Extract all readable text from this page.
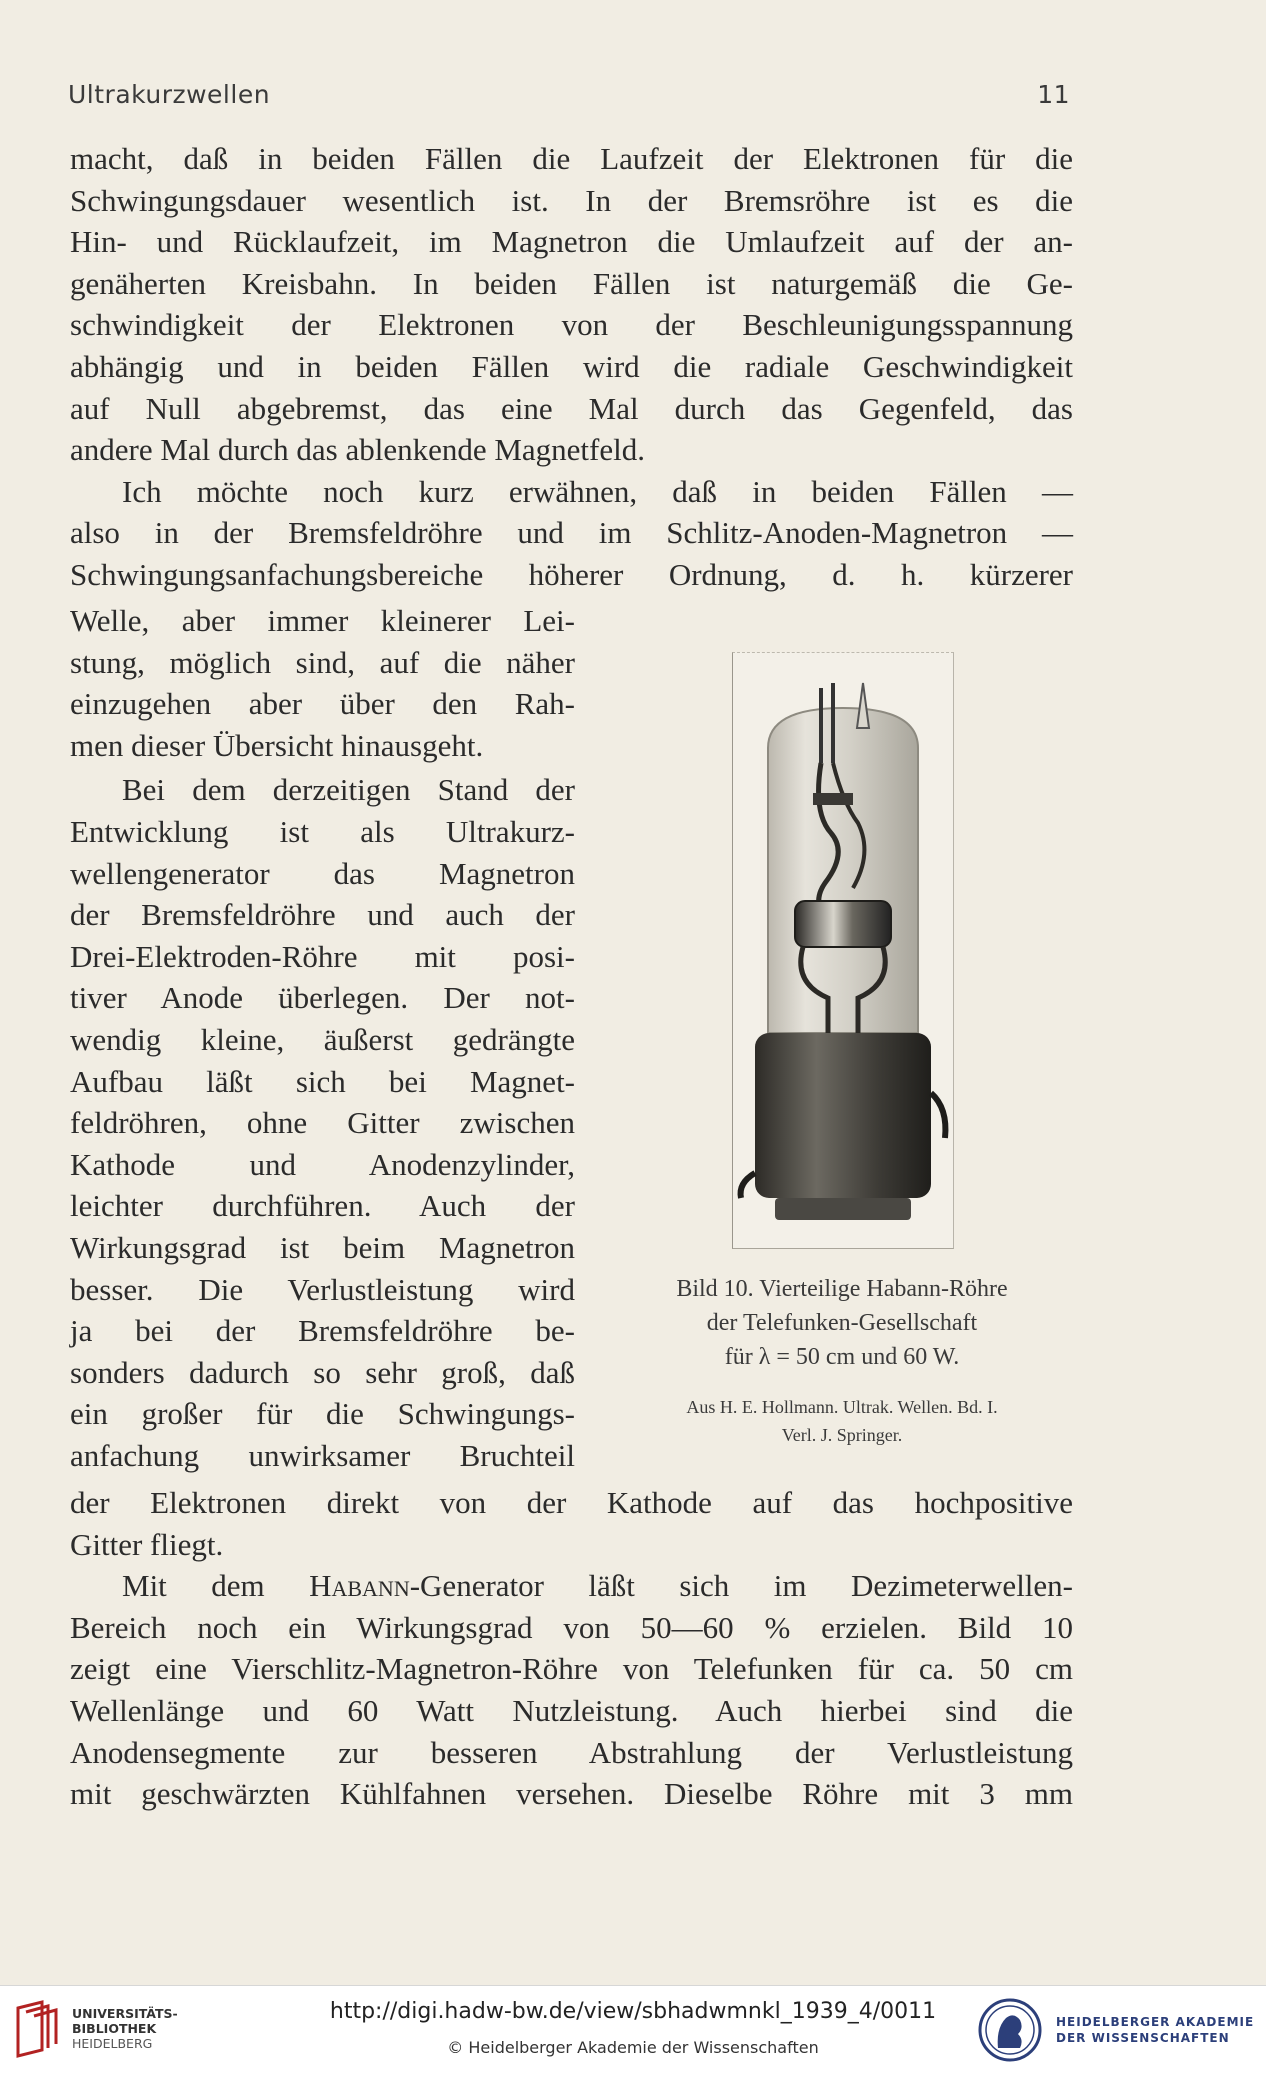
Ultrakurzwellen	11
macht, daß in beiden Fällen die Laufzeit der Elektronen für die
Schwingungsdauer wesentlich ist. In der Bremsröhre ist es die
Hin- und Rücklaufzeit, im Magnetron die Umlaufzeit auf der an-
genäherten Kreisbahn. In beiden Fällen ist naturgemäß die Ge-
schwindigkeit der Elektronen von der Beschleunigungsspannung
abhängig und in beiden Fällen wird die radiale Geschwindigkeit
auf Null abgebremst, das eine Mal durch das Gegenfeld, das
andere Mal durch das ablenkende Magnetfeld.
Ich möchte noch kurz erwähnen, daß in beiden Fällen —
also in der Bremsfeldröhre und im Schlitz-Anoden-Magnetron —
Schwingungsanfachungsbereiche höherer Ordnung, d. h. kürzerer
Welle, aber immer kleinerer Lei-
stung, möglich sind, auf die näher
einzugehen aber über den Rah-
men dieser Übersicht hinausgeht.
Bei dem derzeitigen Stand der
Entwicklung ist als Ultrakurz-
wellengenerator das Magnetron
der Bremsfeldröhre und auch der
Drei-Elektroden-Röhre mit posi-
tiver Anode überlegen. Der not-
wendig kleine, äußerst gedrängte
Aufbau läßt sich bei Magnet-
feldröhren, ohne Gitter zwischen
Kathode und Anodenzylinder,
leichter durchführen. Auch der
Wirkungsgrad ist beim Magnetron
besser. Die Verlustleistung wird
ja bei der Bremsfeldröhre be-
sonders dadurch so sehr groß, daß
ein großer für die Schwingungs-
anfachung unwirksamer Bruchteil
der Elektronen direkt von der Kathode auf das hochpositive
Gitter fliegt.
Mit dem Habann-Generator läßt sich im Dezimeterwellen-
Bereich noch ein Wirkungsgrad von 50—60 % erzielen. Bild 10
zeigt eine Vierschlitz-Magnetron-Röhre von Telefunken für ca. 50 cm
Wellenlänge und 60 Watt Nutzleistung. Auch hierbei sind die
Anodensegmente zur besseren Abstrahlung der Verlustleistung
mit geschwärzten Kühlfahnen versehen. Dieselbe Röhre mit 3 mm
Bild 10. Vierteilige Habann-Röhre
der Telefunken-Gesellschaft
für λ = 50 cm und 60 W.
Aus H. E. Hollmann. Ultrak. Wellen. Bd. I.
Verl. J. Springer.
UNIVERSITÄTS-
BIBLIOTHEK
HEIDELBERG
http://digi.hadw-bw.de/view/sbhadwmnkl_1939_4/0011
© Heidelberger Akademie der Wissenschaften
HEIDELBERGER AKADEMIE
DER WISSENSCHAFTEN
